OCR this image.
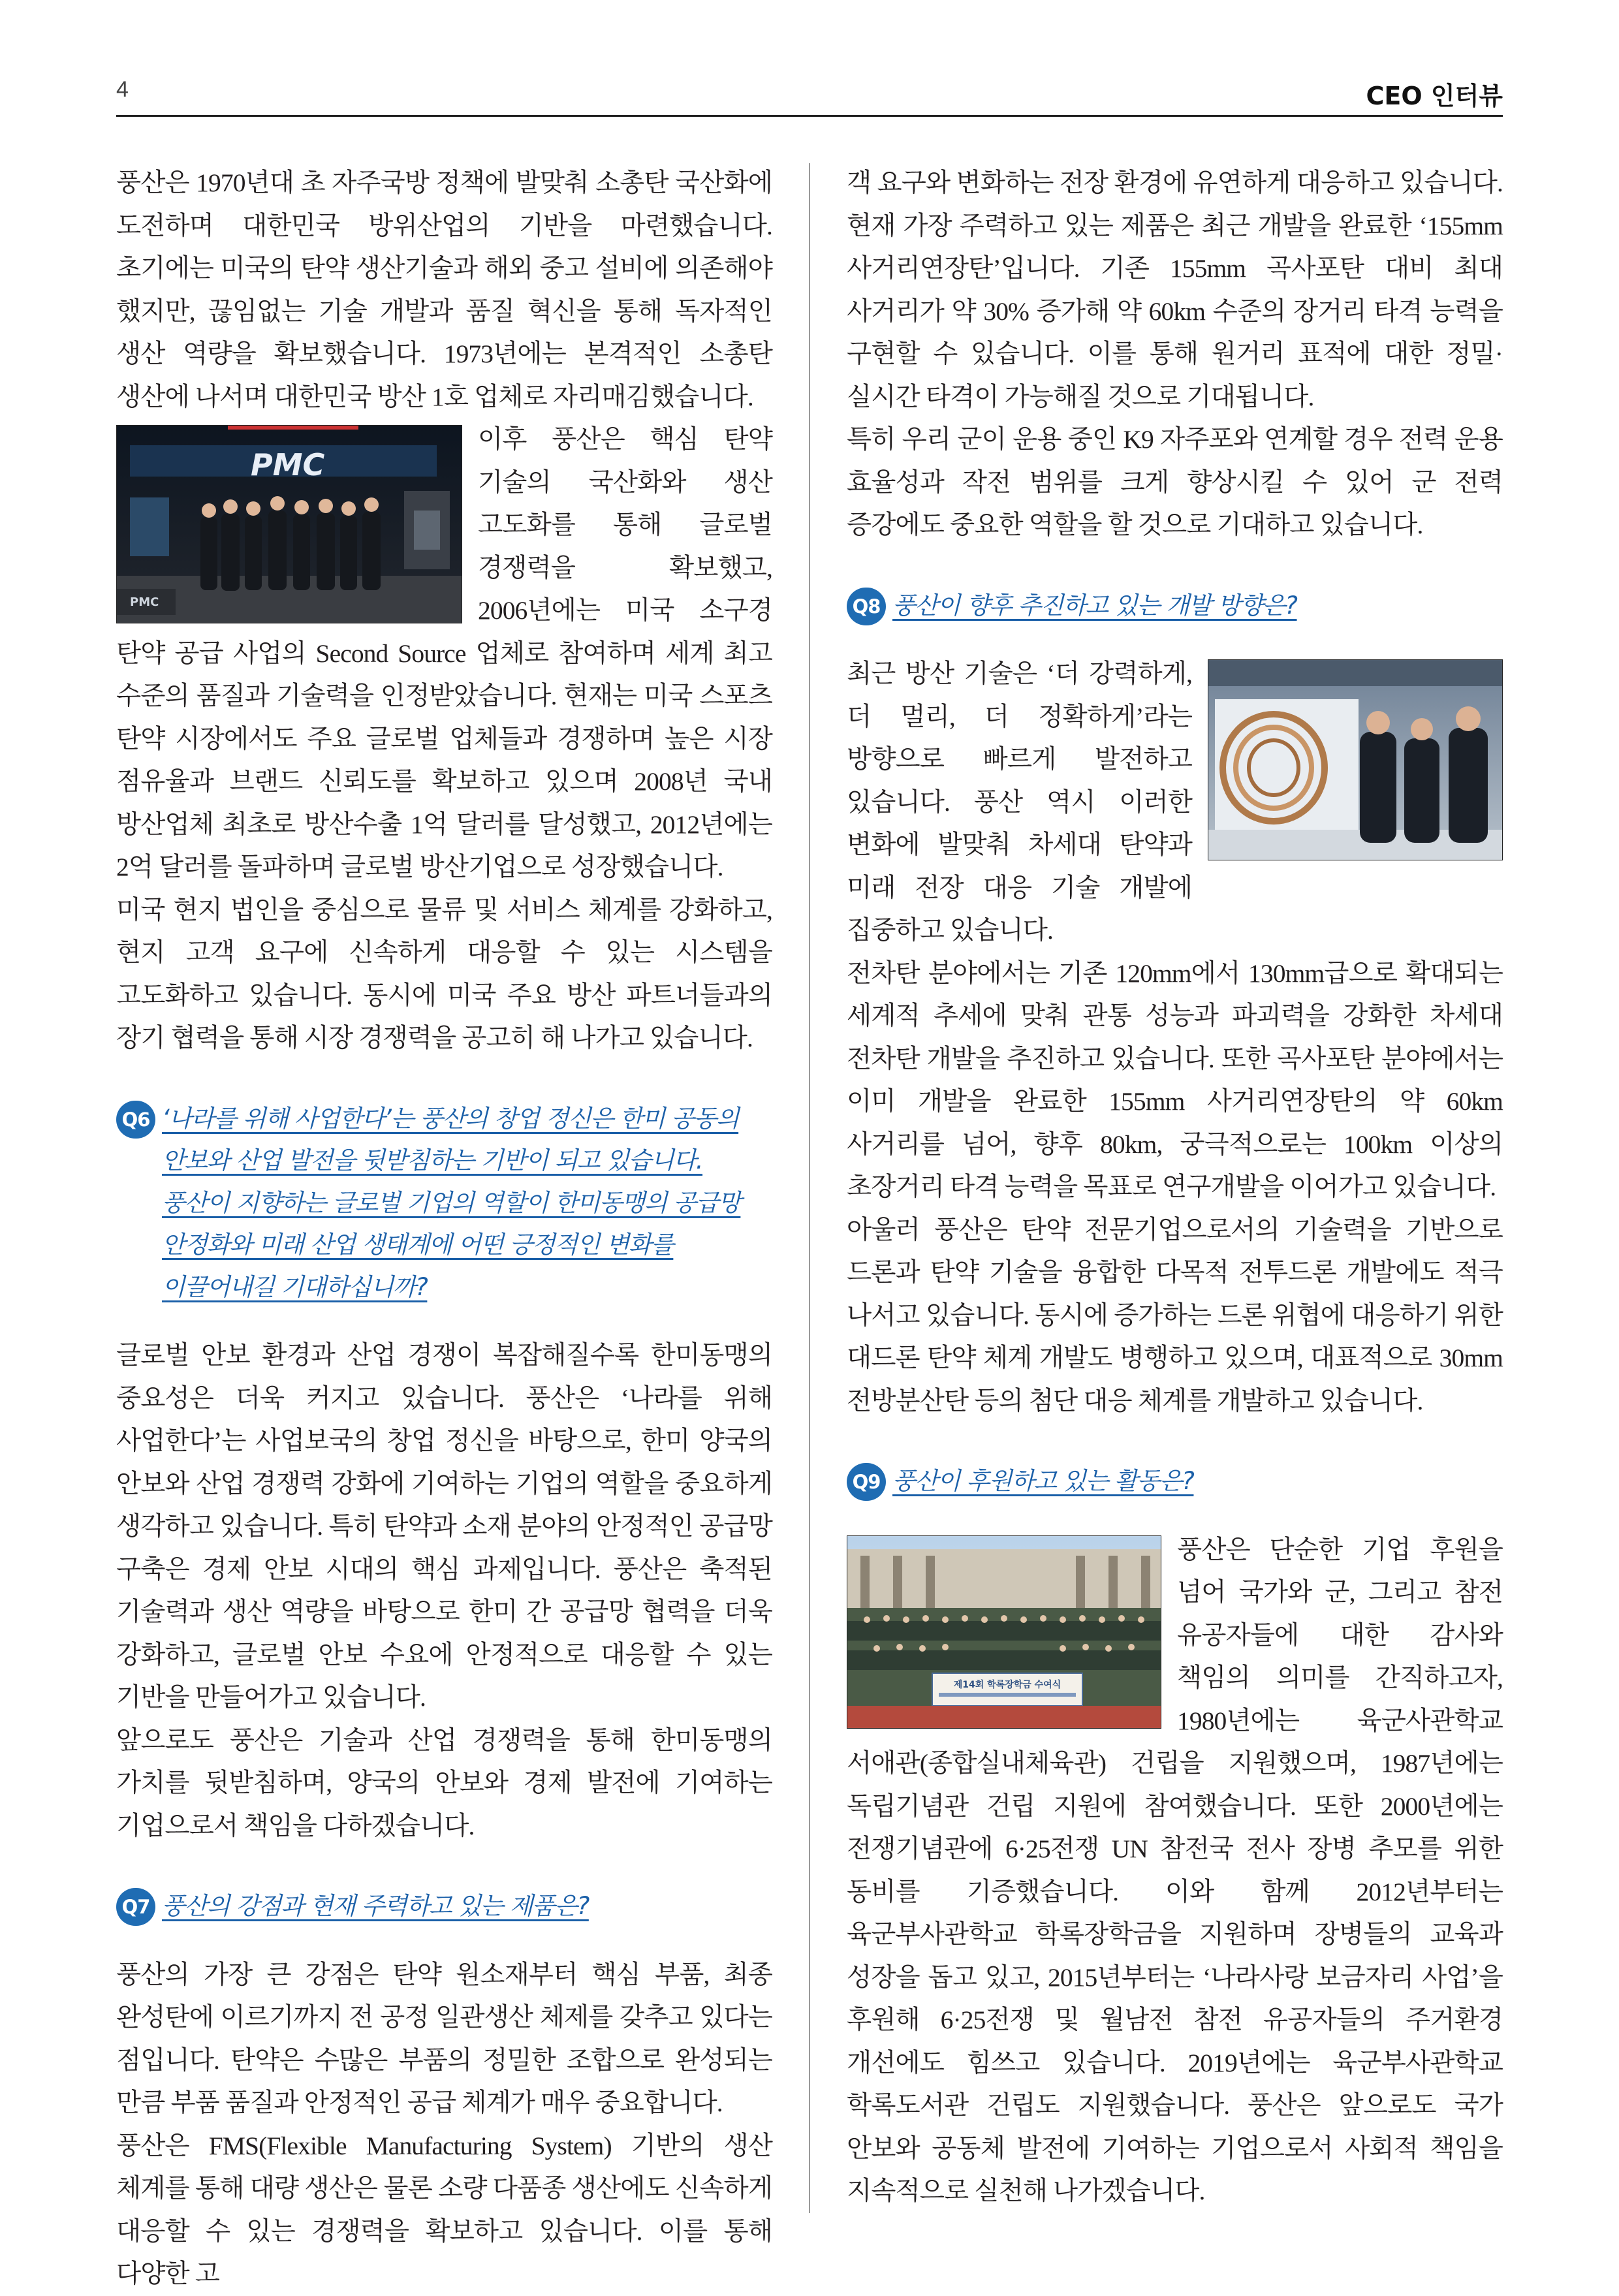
4	CEO 인터뷰

풍산은 1970년대 초 자주국방 정책에 발맞춰 소총탄 국산화에 도전하며 대한민국 방위산업의 기반을 마련했습니다. 초기에는 미국의 탄약 생산기술과 해외 중고 설비에 의존해야 했지만, 끊임없는 기술 개발과 품질 혁신을 통해 독자적인 생산 역량을 확보했습니다. 1973년에는 본격적인 소총탄 생산에 나서며 대한민국 방산 1호 업체로 자리매김했습니다.

PMC
PMC

이후 풍산은 핵심 탄약 기술의 국산화와 생산 고도화를 통해 글로벌 경쟁력을 확보했고, 2006년에는 미국 소구경 탄약 공급 사업의 Second Source 업체로 참여하며 세계 최고 수준의 품질과 기술력을 인정받았습니다. 현재는 미국 스포츠 탄약 시장에서도 주요 글로벌 업체들과 경쟁하며 높은 시장 점유율과 브랜드 신뢰도를 확보하고 있으며 2008년 국내 방산업체 최초로 방산수출 1억 달러를 달성했고, 2012년에는 2억 달러를 돌파하며 글로벌 방산기업으로 성장했습니다.

미국 현지 법인을 중심으로 물류 및 서비스 체계를 강화하고, 현지 고객 요구에 신속하게 대응할 수 있는 시스템을 고도화하고 있습니다. 동시에 미국 주요 방산 파트너들과의 장기 협력을 통해 시장 경쟁력을 공고히 해 나가고 있습니다.

Q6 ‘나라를 위해 사업한다’는 풍산의 창업 정신은 한미 공동의 안보와 산업 발전을 뒷받침하는 기반이 되고 있습니다. 풍산이 지향하는 글로벌 기업의 역할이 한미동맹의 공급망 안정화와 미래 산업 생태계에 어떤 긍정적인 변화를 이끌어내길 기대하십니까?

글로벌 안보 환경과 산업 경쟁이 복잡해질수록 한미동맹의 중요성은 더욱 커지고 있습니다. 풍산은 ‘나라를 위해 사업한다’는 사업보국의 창업 정신을 바탕으로, 한미 양국의 안보와 산업 경쟁력 강화에 기여하는 기업의 역할을 중요하게 생각하고 있습니다. 특히 탄약과 소재 분야의 안정적인 공급망 구축은 경제 안보 시대의 핵심 과제입니다. 풍산은 축적된 기술력과 생산 역량을 바탕으로 한미 간 공급망 협력을 더욱 강화하고, 글로벌 안보 수요에 안정적으로 대응할 수 있는 기반을 만들어가고 있습니다.

앞으로도 풍산은 기술과 산업 경쟁력을 통해 한미동맹의 가치를 뒷받침하며, 양국의 안보와 경제 발전에 기여하는 기업으로서 책임을 다하겠습니다.

Q7 풍산의 강점과 현재 주력하고 있는 제품은?

풍산의 가장 큰 강점은 탄약 원소재부터 핵심 부품, 최종 완성탄에 이르기까지 전 공정 일관생산 체제를 갖추고 있다는 점입니다. 탄약은 수많은 부품의 정밀한 조합으로 완성되는 만큼 부품 품질과 안정적인 공급 체계가 매우 중요합니다.

풍산은 FMS(Flexible Manufacturing System) 기반의 생산 체계를 통해 대량 생산은 물론 소량 다품종 생산에도 신속하게 대응할 수 있는 경쟁력을 확보하고 있습니다. 이를 통해 다양한 고

객 요구와 변화하는 전장 환경에 유연하게 대응하고 있습니다. 현재 가장 주력하고 있는 제품은 최근 개발을 완료한 ‘155mm 사거리연장탄’입니다. 기존 155mm 곡사포탄 대비 최대 사거리가 약 30% 증가해 약 60km 수준의 장거리 타격 능력을 구현할 수 있습니다. 이를 통해 원거리 표적에 대한 정밀·실시간 타격이 가능해질 것으로 기대됩니다.

특히 우리 군이 운용 중인 K9 자주포와 연계할 경우 전력 운용 효율성과 작전 범위를 크게 향상시킬 수 있어 군 전력 증강에도 중요한 역할을 할 것으로 기대하고 있습니다.

Q8 풍산이 향후 추진하고 있는 개발 방향은?

최근 방산 기술은 ‘더 강력하게, 더 멀리, 더 정확하게’라는 방향으로 빠르게 발전하고 있습니다. 풍산 역시 이러한 변화에 발맞춰 차세대 탄약과 미래 전장 대응 기술 개발에 집중하고 있습니다.

전차탄 분야에서는 기존 120mm에서 130mm급으로 확대되는 세계적 추세에 맞춰 관통 성능과 파괴력을 강화한 차세대 전차탄 개발을 추진하고 있습니다. 또한 곡사포탄 분야에서는 이미 개발을 완료한 155mm 사거리연장탄의 약 60km 사거리를 넘어, 향후 80km, 궁극적으로는 100km 이상의 초장거리 타격 능력을 목표로 연구개발을 이어가고 있습니다.

아울러 풍산은 탄약 전문기업으로서의 기술력을 기반으로 드론과 탄약 기술을 융합한 다목적 전투드론 개발에도 적극 나서고 있습니다. 동시에 증가하는 드론 위협에 대응하기 위한 대드론 탄약 체계 개발도 병행하고 있으며, 대표적으로 30mm 전방분산탄 등의 첨단 대응 체계를 개발하고 있습니다.

Q9 풍산이 후원하고 있는 활동은?
제14회 학록장학금 수여식

풍산은 단순한 기업 후원을 넘어 국가와 군, 그리고 참전 유공자들에 대한 감사와 책임의 의미를 간직하고자, 1980년에는 육군사관학교 서애관(종합실내체육관) 건립을 지원했으며, 1987년에는 독립기념관 건립 지원에 참여했습니다. 또한 2000년에는 전쟁기념관에 6·25전쟁 UN 참전국 전사 장병 추모를 위한 동비를 기증했습니다. 이와 함께 2012년부터는 육군부사관학교 학록장학금을 지원하며 장병들의 교육과 성장을 돕고 있고, 2015년부터는 ‘나라사랑 보금자리 사업’을 후원해 6·25전쟁 및 월남전 참전 유공자들의 주거환경 개선에도 힘쓰고 있습니다. 2019년에는 육군부사관학교 학록도서관 건립도 지원했습니다. 풍산은 앞으로도 국가 안보와 공동체 발전에 기여하는 기업으로서 사회적 책임을 지속적으로 실천해 나가겠습니다.
